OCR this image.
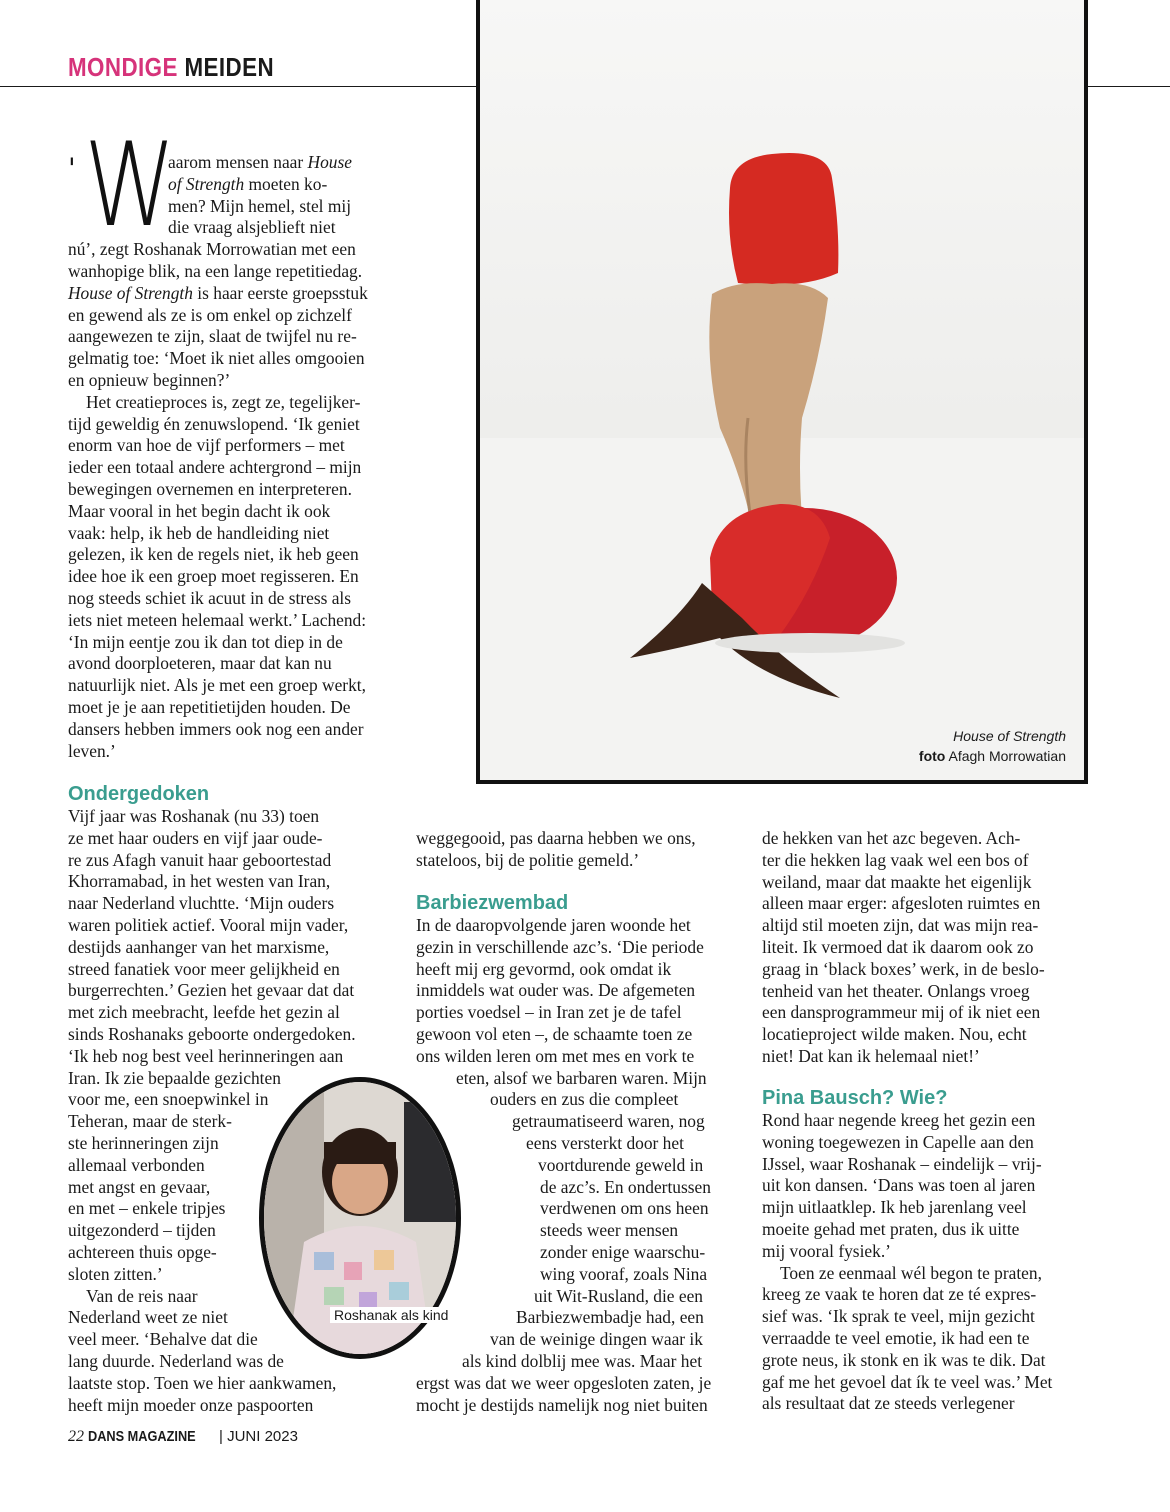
MONDIGE MEIDEN
House of Strength
foto Afagh Morrowatian
' W
aarom mensen naar House
of Strength moeten ko-
men? Mijn hemel, stel mij
die vraag alsjeblieft niet
nú’, zegt Roshanak Morrowatian met een
wanhopige blik, na een lange repetitiedag.
House of Strength is haar eerste groepsstuk
en gewend als ze is om enkel op zichzelf
aangewezen te zijn, slaat de twijfel nu re-
gelmatig toe: ‘Moet ik niet alles omgooien
en opnieuw beginnen?’
Het creatieproces is, zegt ze, tegelijker-
tijd geweldig én zenuwslopend. ‘Ik geniet
enorm van hoe de vijf performers – met
ieder een totaal andere achtergrond – mijn
bewegingen overnemen en interpreteren.
Maar vooral in het begin dacht ik ook
vaak: help, ik heb de handleiding niet
gelezen, ik ken de regels niet, ik heb geen
idee hoe ik een groep moet regisseren. En
nog steeds schiet ik acuut in de stress als
iets niet meteen helemaal werkt.’ Lachend:
‘In mijn eentje zou ik dan tot diep in de
avond doorploeteren, maar dat kan nu
natuurlijk niet. Als je met een groep werkt,
moet je je aan repetitietijden houden. De
dansers hebben immers ook nog een ander
leven.’
Ondergedoken
Vijf jaar was Roshanak (nu 33) toen
ze met haar ouders en vijf jaar oude-
re zus Afagh vanuit haar geboortestad
Khorramabad, in het westen van Iran,
naar Nederland vluchtte. ‘Mijn ouders
waren politiek actief. Vooral mijn vader,
destijds aanhanger van het marxisme,
streed fanatiek voor meer gelijkheid en
burgerrechten.’ Gezien het gevaar dat dat
met zich meebracht, leefde het gezin al
sinds Roshanaks geboorte ondergedoken.
‘Ik heb nog best veel herinneringen aan
Iran. Ik zie bepaalde gezichten
voor me, een snoepwinkel in
Teheran, maar de sterk-
ste herinneringen zijn
allemaal verbonden
met angst en gevaar,
en met – enkele tripjes
uitgezonderd – tijden
achtereen thuis opge-
sloten zitten.’
Van de reis naar
Nederland weet ze niet
veel meer. ‘Behalve dat die
lang duurde. Nederland was de
laatste stop. Toen we hier aankwamen,
heeft mijn moeder onze paspoorten
weggegooid, pas daarna hebben we ons,
stateloos, bij de politie gemeld.’
Barbiezwembad
In de daaropvolgende jaren woonde het
gezin in verschillende azc’s. ‘Die periode
heeft mij erg gevormd, ook omdat ik
inmiddels wat ouder was. De afgemeten
porties voedsel – in Iran zet je de tafel
gewoon vol eten –, de schaamte toen ze
ons wilden leren om met mes en vork te
eten, alsof we barbaren waren. Mijn
ouders en zus die compleet
getraumatiseerd waren, nog
eens versterkt door het
voortdurende geweld in
de azc’s. En ondertussen
verdwenen om ons heen
steeds weer mensen
zonder enige waarschu-
wing vooraf, zoals Nina
uit Wit-Rusland, die een
Barbiezwembadje had, een
van de weinige dingen waar ik
als kind dolblij mee was. Maar het
ergst was dat we weer opgesloten zaten, je
mocht je destijds namelijk nog niet buiten
de hekken van het azc begeven. Ach-
ter die hekken lag vaak wel een bos of
weiland, maar dat maakte het eigenlijk
alleen maar erger: afgesloten ruimtes en
altijd stil moeten zijn, dat was mijn rea-
liteit. Ik vermoed dat ik daarom ook zo
graag in ‘black boxes’ werk, in de beslo-
tenheid van het theater. Onlangs vroeg
een dansprogrammeur mij of ik niet een
locatieproject wilde maken. Nou, echt
niet! Dat kan ik helemaal niet!’
Pina Bausch? Wie?
Rond haar negende kreeg het gezin een
woning toegewezen in Capelle aan den
IJssel, waar Roshanak – eindelijk – vrij-
uit kon dansen. ‘Dans was toen al jaren
mijn uitlaatklep. Ik heb jarenlang veel
moeite gehad met praten, dus ik uitte
mij vooral fysiek.’
Toen ze eenmaal wél begon te praten,
kreeg ze vaak te horen dat ze té expres-
sief was. ‘Ik sprak te veel, mijn gezicht
verraadde te veel emotie, ik had een te
grote neus, ik stonk en ik was te dik. Dat
gaf me het gevoel dat ík te veel was.’ Met
als resultaat dat ze steeds verlegener
Roshanak als kind
22 DANS MAGAZINE | JUNI 2023
